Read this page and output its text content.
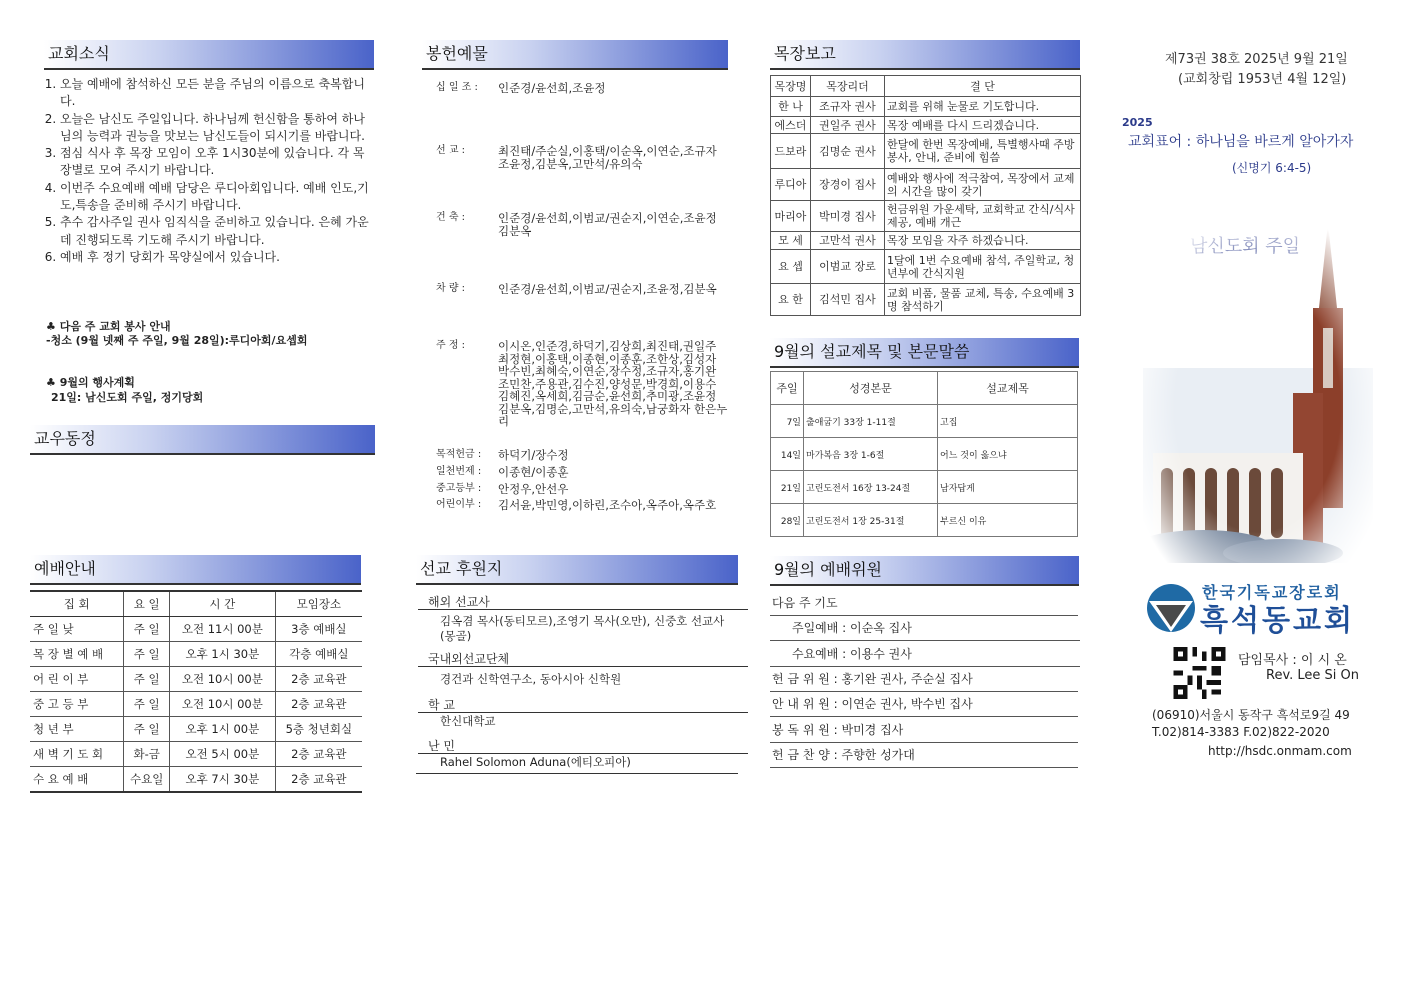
교회소식
1. 오늘 예배에 참석하신 모든 분을 주님의 이름으로 축복합니다.
2. 오늘은 남신도 주일입니다. 하나님께 헌신함을 통하여 하나님의 능력과 권능을 맛보는 남신도들이 되시기를 바랍니다.
3. 점심 식사 후 목장 모임이 오후 1시30분에 있습니다. 각 목장별로 모여 주시기 바랍니다.
4. 이번주 수요예배 예배 담당은 루디아회입니다. 예배 인도,기도,특송을 준비해 주시기 바랍니다.
5. 추수 감사주일 권사 임직식을 준비하고 있습니다. 은혜 가운데 진행되도록 기도해 주시기 바랍니다.
6. 예배 후 정기 당회가 목양실에서 있습니다.
♣ 다음 주 교회 봉사 안내
-청소 (9월 넷째 주 주일, 9월 28일):루디아회/요셉회
♣ 9월의 행사계획
21일: 남신도회 주일, 정기당회
교우동정
예배안내
집 회	요 일	시 간	모임장소
주 일 낮	주 일	오전 11시 00분	3층 예배실
목 장 별 예 배	주 일	오후 1시 30분	각층 예배실
어 린 이 부	주 일	오전 10시 00분	2층 교육관
중 고 등 부	주 일	오전 10시 00분	2층 교육관
청 년 부	주 일	오후 1시 00분	5층 청년회실
새 벽 기 도 회	화-금	오전 5시 00분	2층 교육관
수 요 예 배	수요일	오후 7시 30분	2층 교육관
봉헌예물
십 일 조 :	인준경/윤선희,조윤정
선 교 :	최진태/주순실,이홍택/이순옥,이연순,조규자 조윤정,김분옥,고만석/유의숙
건 축 :	인준경/윤선희,이범교/권순지,이연순,조윤정 김분옥
차 량 :	인준경/윤선희,이범교/권순지,조윤정,김분옥
주 정 :	이시온,인준경,하덕기,김상희,최진태,권일주 최정현,이홍택,이종현,이종훈,조한상,김성자 박수빈,최혜숙,이연순,장수정,조규자,홍기완 조민찬,주용관,김수진,양성문,박경희,이용수 김혜진,옥세희,김금순,윤선희,추미광,조윤정 김분옥,김명순,고만석,유의숙,남궁화자 한은누리
목적헌금 :	하덕기/장수정
일천번제 :	이종현/이종훈
중고등부 :	안정우,안선우
어린이부 :	김서윤,박민영,이하린,조수아,옥주아,옥주호
선교 후원지
해외 선교사
김옥겸 목사(동티모르),조영기 목사(오만), 신중호 선교사(몽골)
국내외선교단체
경건과 신학연구소, 동아시아 신학원
학 교
한신대학교
난 민
Rahel Solomon Aduna(에티오피아)
목장보고
목장명	목장리더	결 단
한 나	조규자 권사	교회를 위해 눈물로 기도합니다.
에스더	권일주 권사	목장 예배를 다시 드리겠습니다.
드보라	김명순 권사	한달에 한번 목장예배, 특별행사때 주방봉사, 안내, 준비에 힘씀
루디아	장경이 집사	예배와 행사에 적극참여, 목장에서 교제의 시간을 많이 갖기
마리아	박미경 집사	헌금위원 가운세탁, 교회학교 간식/식사 제공, 예배 개근
모 세	고만석 권사	목장 모임을 자주 하겠습니다.
요 셉	이범교 장로	1달에 1번 수요예배 참석, 주일학교, 청년부에 간식지원
요 한	김석민 집사	교회 비품, 물품 교체, 특송, 수요예배 3명 참석하기
9월의 설교제목 및 본문말씀
주일	성경본문	설교제목
7일	출애굽기 33장 1-11절	고집
14일	마가복음 3장 1-6절	어느 것이 옳으냐
21일	고린도전서 16장 13-24절	남자답게
28일	고린도전서 1장 25-31절	부르신 이유
9월의 예배위원
다음 주 기도
주일예배 : 이순옥 집사
수요예배 : 이용수 권사
헌 금 위 원 : 홍기완 권사, 주순실 집사
안 내 위 원 : 이연순 권사, 박수빈 집사
봉 독 위 원 : 박미경 집사
헌 금 찬 양 : 주향한 성가대
제73권 38호 2025년 9월 21일
(교회창립 1953년 4월 12일)
2025
교회표어 : 하나님을 바르게 알아가자
(신명기 6:4-5)
한국기독교장로회
흑석동교회
담임목사 : 이 시 온
Rev. Lee Si On
(06910)서울시 동작구 흑석로9길 49
T.02)814-3383 F.02)822-2020
http://hsdc.onmam.com
